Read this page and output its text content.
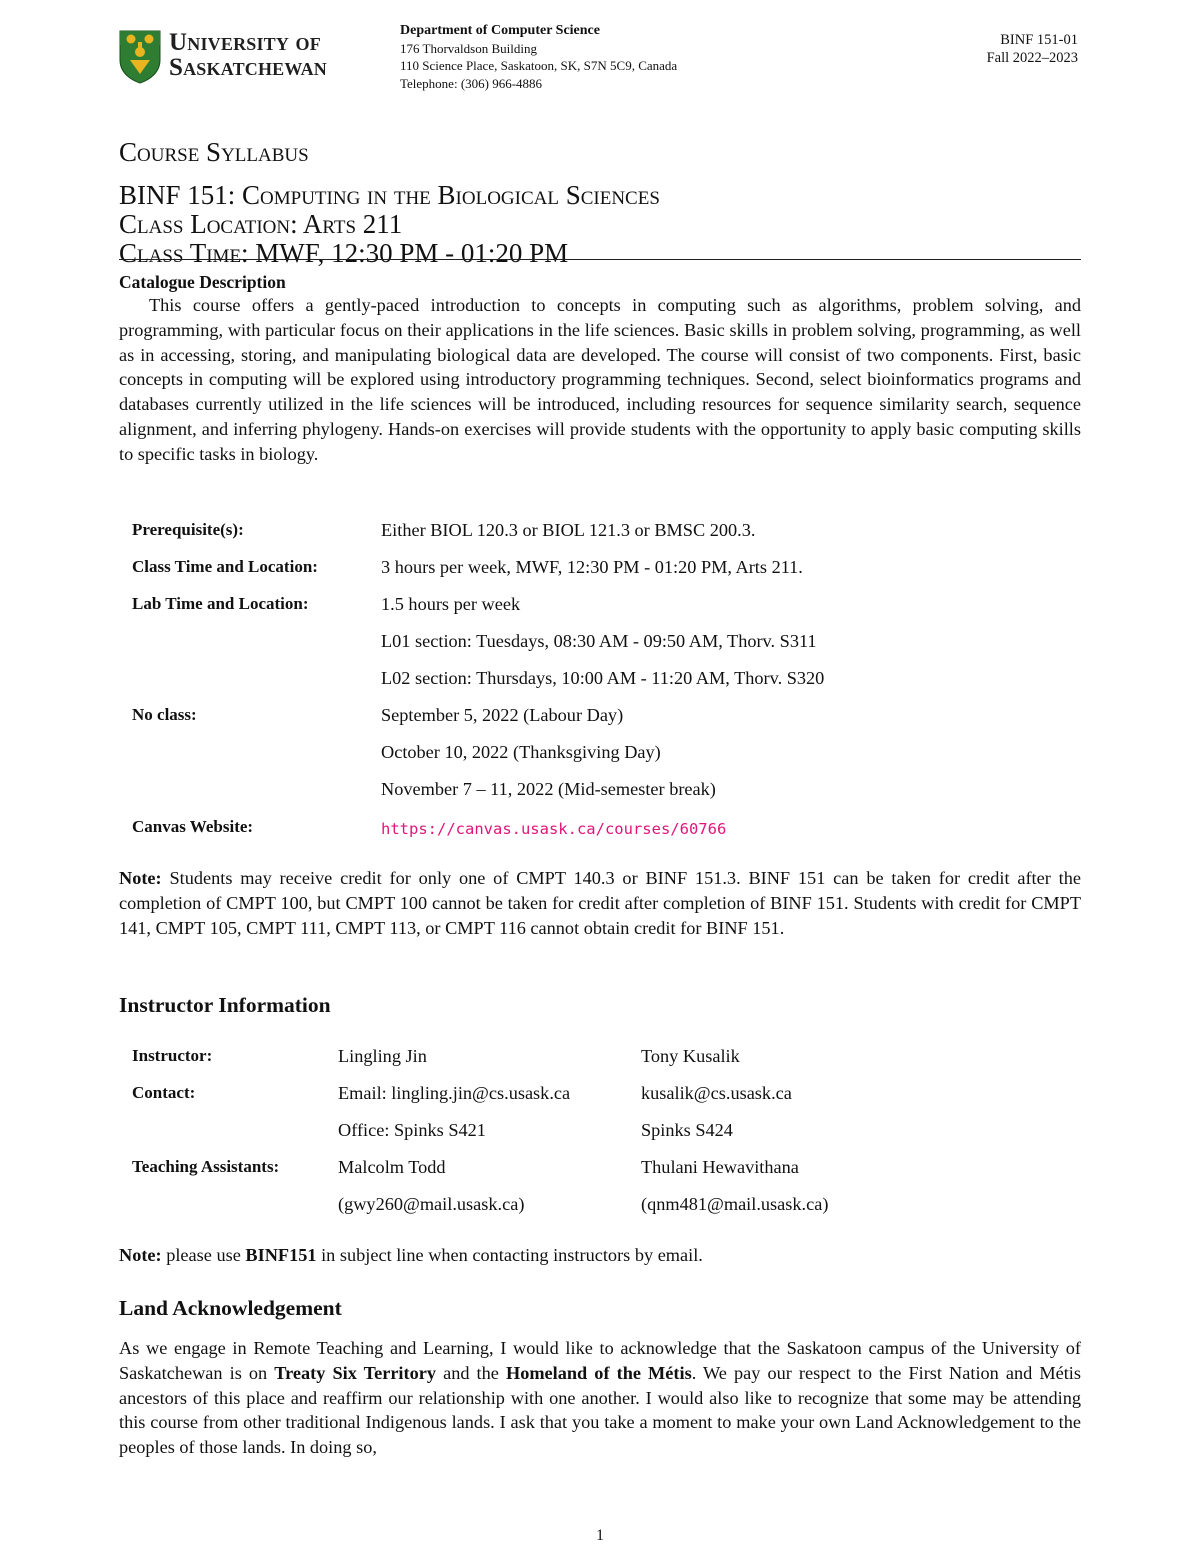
University of
Saskatchewan
Department of Computer Science
176 Thorvaldson Building
110 Science Place, Saskatoon, SK, S7N 5C9, Canada
Telephone: (306) 966-4886
BINF 151-01
Fall 2022–2023
Course Syllabus
BINF 151: Computing in the Biological Sciences
Class Location: Arts 211
Class Time: MWF, 12:30 PM - 01:20 PM
Catalogue Description
This course offers a gently-paced introduction to concepts in computing such as algorithms, problem solving, and programming, with particular focus on their applications in the life sciences. Basic skills in problem solving, programming, as well as in accessing, storing, and manipulating biological data are developed. The course will consist of two components. First, basic concepts in computing will be explored using introductory programming techniques. Second, select bioinformatics programs and databases currently utilized in the life sciences will be introduced, including resources for sequence similarity search, sequence alignment, and inferring phylogeny. Hands-on exercises will provide students with the opportunity to apply basic computing skills to specific tasks in biology.
Prerequisite(s):	Either BIOL 120.3 or BIOL 121.3 or BMSC 200.3.
Class Time and Location:	3 hours per week, MWF, 12:30 PM - 01:20 PM, Arts 211.
Lab Time and Location:	1.5 hours per week
L01 section: Tuesdays, 08:30 AM - 09:50 AM, Thorv. S311
L02 section: Thursdays, 10:00 AM - 11:20 AM, Thorv. S320
No class:	September 5, 2022 (Labour Day)
October 10, 2022 (Thanksgiving Day)
November 7 – 11, 2022 (Mid-semester break)
Canvas Website:	https://canvas.usask.ca/courses/60766
Note: Students may receive credit for only one of CMPT 140.3 or BINF 151.3. BINF 151 can be taken for credit after the completion of CMPT 100, but CMPT 100 cannot be taken for credit after completion of BINF 151. Students with credit for CMPT 141, CMPT 105, CMPT 111, CMPT 113, or CMPT 116 cannot obtain credit for BINF 151.
Instructor Information
Instructor:	Lingling Jin	Tony Kusalik
Contact:	Email: lingling.jin@cs.usask.ca	kusalik@cs.usask.ca
Office: Spinks S421	Spinks S424
Teaching Assistants:	Malcolm Todd	Thulani Hewavithana
(gwy260@mail.usask.ca)	(qnm481@mail.usask.ca)
Note: please use BINF151 in subject line when contacting instructors by email.
Land Acknowledgement
As we engage in Remote Teaching and Learning, I would like to acknowledge that the Saskatoon campus of the University of Saskatchewan is on Treaty Six Territory and the Homeland of the Métis. We pay our respect to the First Nation and Métis ancestors of this place and reaffirm our relationship with one another. I would also like to recognize that some may be attending this course from other traditional Indigenous lands. I ask that you take a moment to make your own Land Acknowledgement to the peoples of those lands. In doing so,
1
